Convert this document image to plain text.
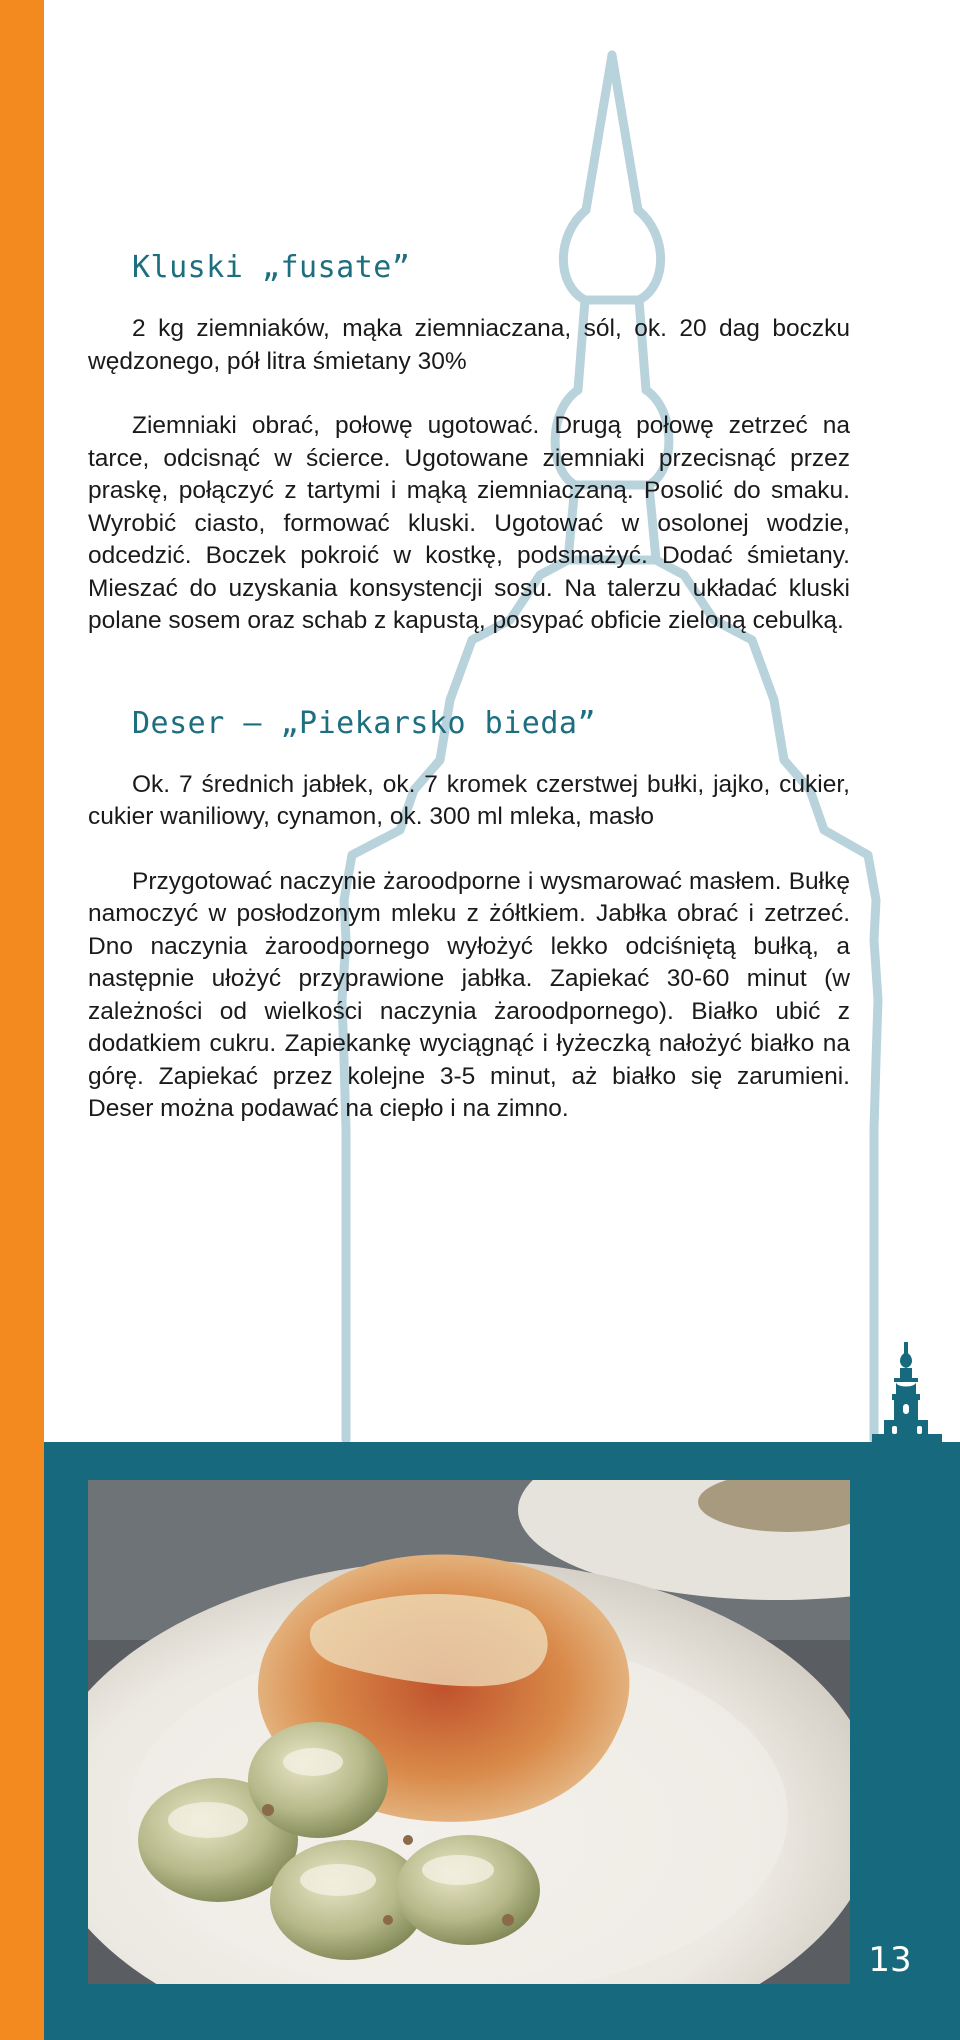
Kluski „fusate”

2 kg ziemniaków, mąka ziemniaczana, sól, ok. 20 dag boczku wędzonego, pół litra śmietany 30%

Ziemniaki obrać, połowę ugotować. Drugą połowę zetrzeć na tarce, odcisnąć w ścierce. Ugotowane ziemniaki przecisnąć przez praskę, połączyć z tartymi i mąką ziemniaczaną. Posolić do smaku. Wyrobić ciasto, formować kluski. Ugotować w osolonej wodzie, odcedzić. Boczek pokroić w kostkę, podsmażyć. Dodać śmietany. Mieszać do uzyskania konsystencji sosu. Na talerzu układać kluski polane sosem oraz schab z kapustą, posypać obficie zieloną cebulką.

Deser – „Piekarsko bieda”

Ok. 7 średnich jabłek, ok. 7 kromek czerstwej bułki, jajko, cukier, cukier waniliowy, cynamon, ok. 300 ml mleka, masło

Przygotować naczynie żaroodporne i wysmarować masłem. Bułkę namoczyć w posłodzonym mleku z żółtkiem. Jabłka obrać i zetrzeć. Dno naczynia żaroodpornego wyłożyć lekko odciśniętą bułką, a następnie ułożyć przyprawione jabłka. Zapiekać 30-60 minut (w zależności od wielkości naczynia żaroodpornego). Białko ubić z dodatkiem cukru. Zapiekankę wyciągnąć i łyżeczką nałożyć białko na górę. Zapiekać przez kolejne 3-5 minut, aż białko się zarumieni. Deser można podawać na ciepło i na zimno.

13
